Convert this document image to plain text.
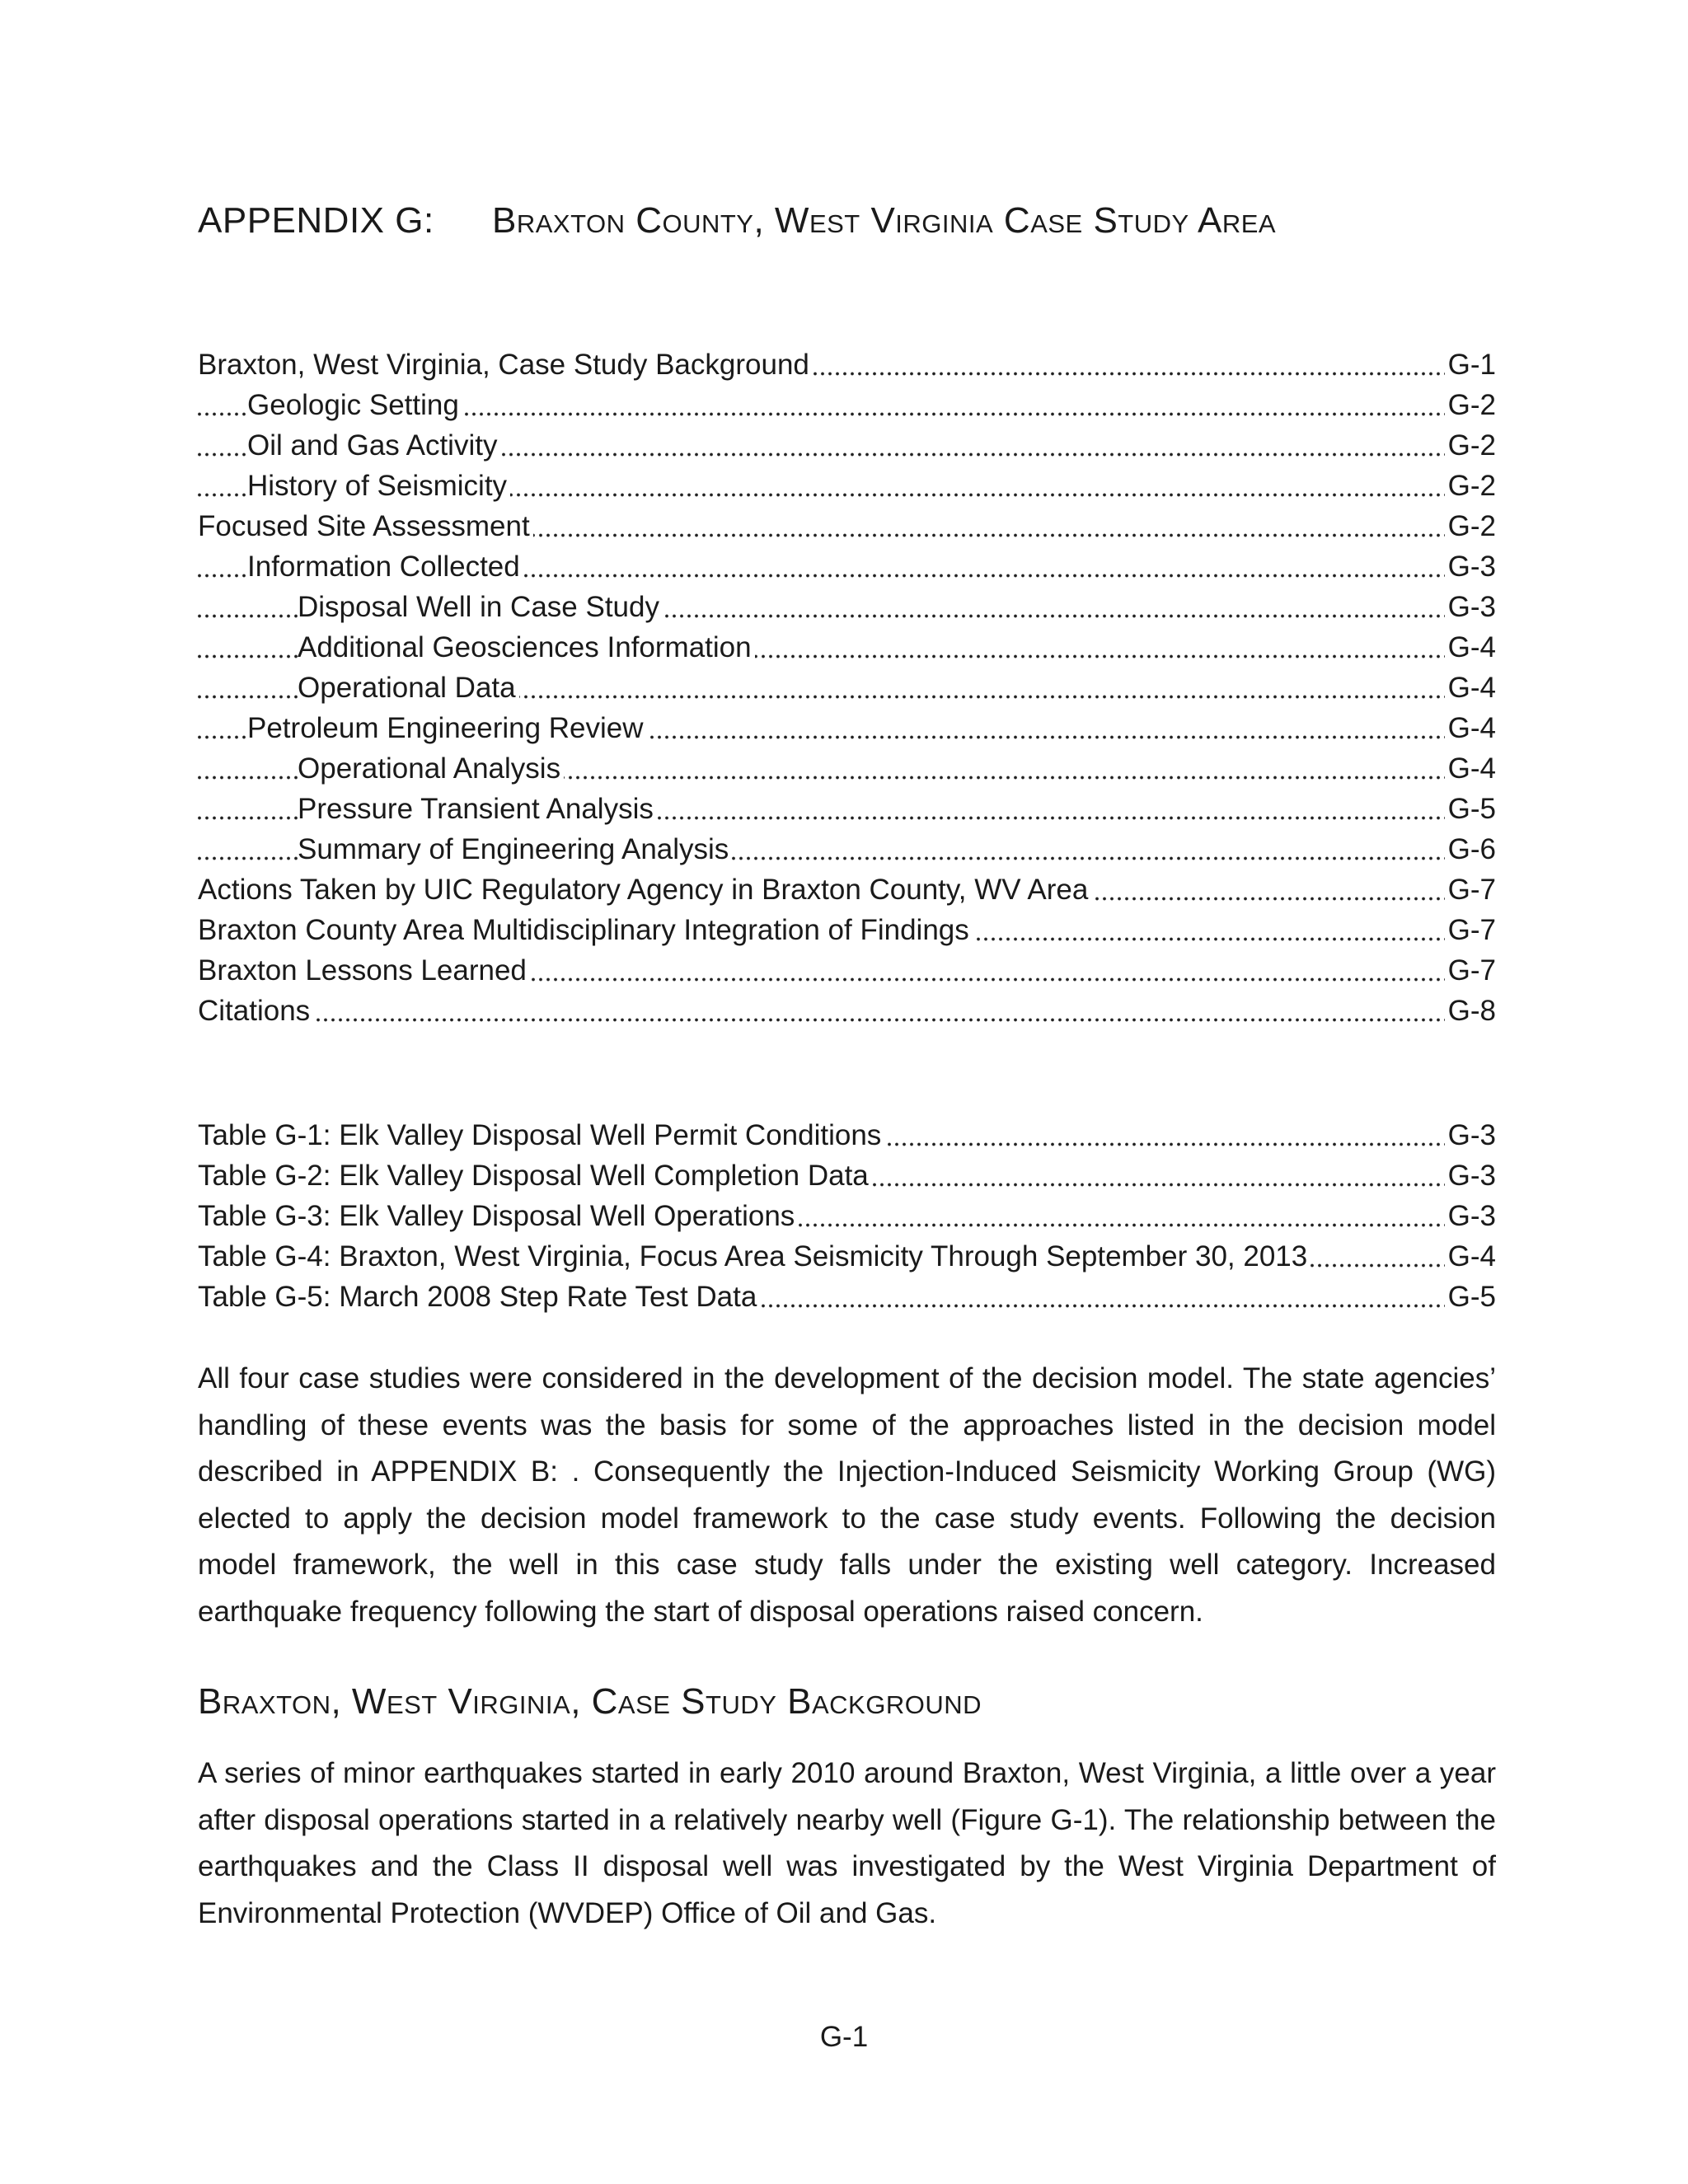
APPENDIX G: Braxton County, West Virginia Case Study Area
Braxton, West Virginia, Case Study Background	G-1
Geologic Setting	G-2
Oil and Gas Activity	G-2
History of Seismicity	G-2
Focused Site Assessment	G-2
Information Collected	G-3
Disposal Well in Case Study	G-3
Additional Geosciences Information	G-4
Operational Data	G-4
Petroleum Engineering Review	G-4
Operational Analysis	G-4
Pressure Transient Analysis	G-5
Summary of Engineering Analysis	G-6
Actions Taken by UIC Regulatory Agency in Braxton County, WV Area	G-7
Braxton County Area Multidisciplinary Integration of Findings	G-7
Braxton Lessons Learned	G-7
Citations	G-8
Table G-1: Elk Valley Disposal Well Permit Conditions	G-3
Table G-2: Elk Valley Disposal Well Completion Data	G-3
Table G-3: Elk Valley Disposal Well Operations	G-3
Table G-4: Braxton, West Virginia, Focus Area Seismicity Through September 30, 2013	G-4
Table G-5: March 2008 Step Rate Test Data	G-5

All four case studies were considered in the development of the decision model. The state agencies’ handling of these events was the basis for some of the approaches listed in the decision model described in APPENDIX B: . Consequently the Injection-Induced Seismicity Working Group (WG) elected to apply the decision model framework to the case study events. Following the decision model framework, the well in this case study falls under the existing well category. Increased earthquake frequency following the start of disposal operations raised concern.

Braxton, West Virginia, Case Study Background

A series of minor earthquakes started in early 2010 around Braxton, West Virginia, a little over a year after disposal operations started in a relatively nearby well (Figure G-1). The relationship between the earthquakes and the Class II disposal well was investigated by the West Virginia Department of Environmental Protection (WVDEP) Office of Oil and Gas.

G-1
